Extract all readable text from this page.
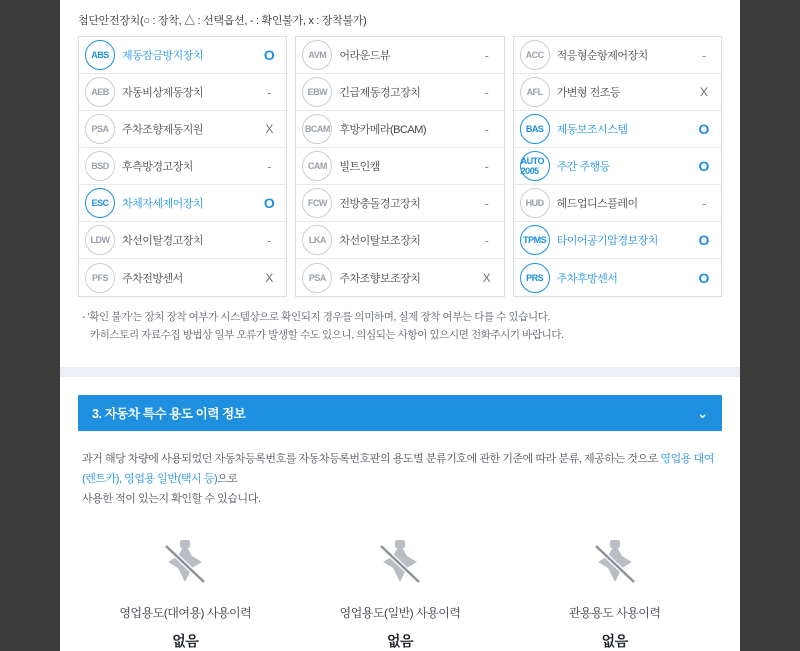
첨단안전장치(○ : 장착, △ : 선택옵션, - : 확인불가, x : 장착불가)
ABS	제동잠금방지장치	O
AEB	자동비상제동장치	-
PSA	주차조향제동지원	X
BSD	후측방경고장치	-
ESC	차체자세제어장치	O
LDW	차선이탈경고장치	-
PFS	주차전방센서	X
AVM	어라운드뷰	-
EBW	긴급제동경고장치	-
BCAM 후방카메라(BCAM)	-
CAM	빌트인캠	-
FCW	전방충돌경고장치	-
LKA	차선이탈보조장치	-
PSA	주차조향보조장치	X
ACC	적응형순항제어장치	-
AFL	가변형 전조등	X
BAS	제동보조시스템	O
AUTO 2005	주간 주행등	O
HUD	헤드업디스플레이	-
TPMS 타이어공기압경보장치	O
PRS	주차후방센서	O
- '확인 불가'는 장치 장착 여부가 시스템상으로 확인되지 경우를 의미하며, 실제 장착 여부는 다를 수 있습니다.
카히스토리 자료수집 방법상 일부 오류가 발생할 수도 있으니, 의심되는 사항이 있으시면 전화주시기 바랍니다.
3. 자동차 특수 용도 이력 정보	⌃
과거 해당 차량에 사용되었던 자동차등록번호를 자동차등록번호판의 용도별 분류기호에 관한 기준에 따라 분류, 제공하는 것으로 영업용 대여(렌트카), 영업용 일반(택시 등)으로
사용한 적이 있는지 확인할 수 있습니다.
영업용도(대여용) 사용이력
없음
영업용도(일반) 사용이력
없음
관용용도 사용이력
없음
